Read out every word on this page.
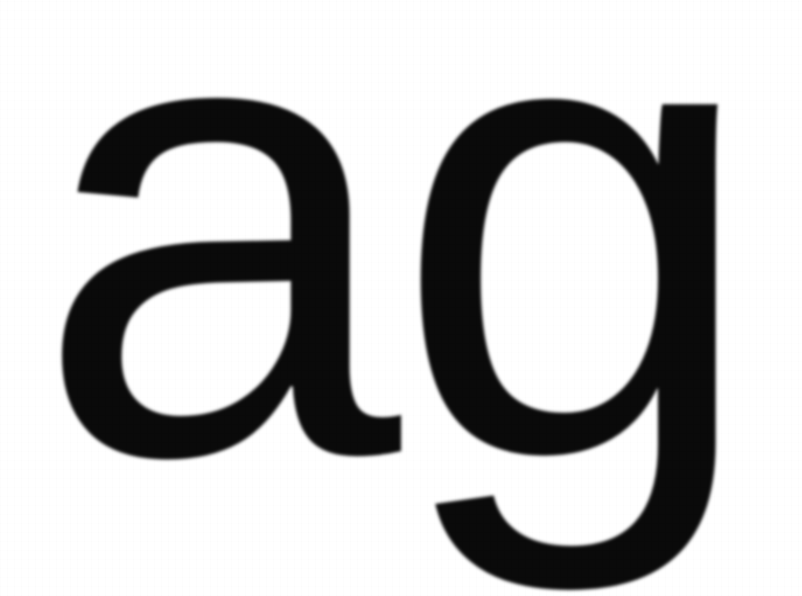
ag
